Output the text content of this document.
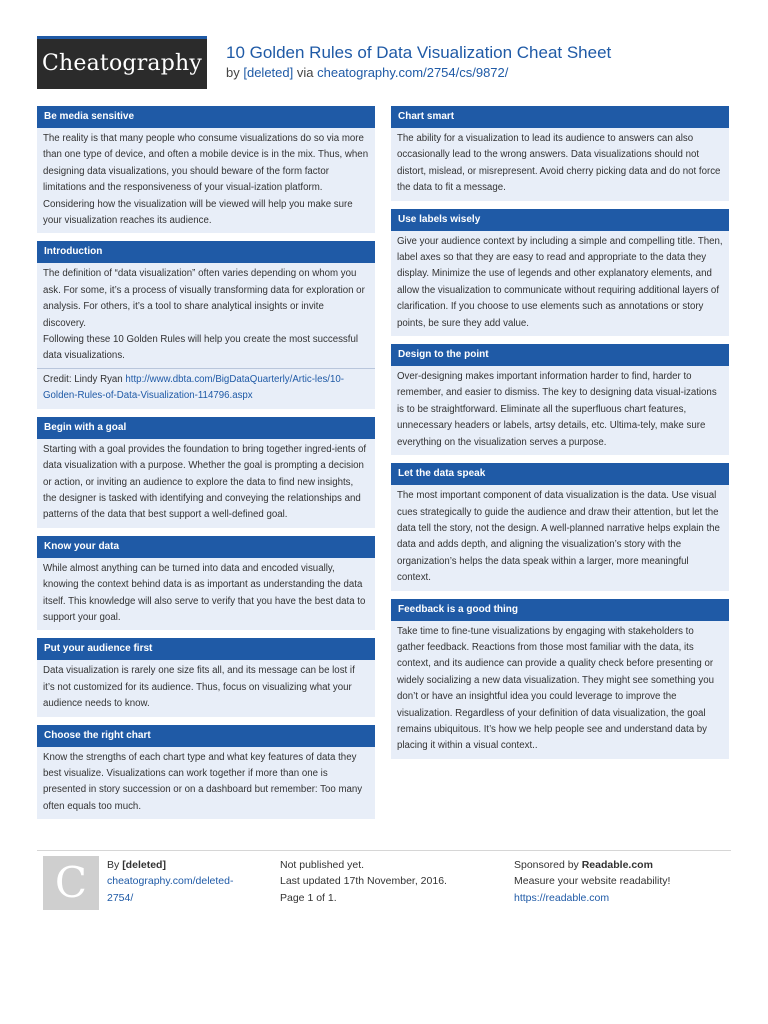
Cheatography 10 Golden Rules of Data Visualization Cheat Sheet
by [deleted] via cheatography.com/2754/cs/9872/
Be media sensitive

The reality is that many people who consume visualizations do so via more than one type of device, and often a mobile device is in the mix. Thus, when designing data visualizations, you should beware of the form factor limitations and the responsiveness of your visual-ization platform. Considering how the visualization will be viewed will help you make sure your visualization reaches its audience.

Introduction

The definition of “data visualization” often varies depending on whom you ask. For some, it’s a process of visually transforming data for exploration or analysis. For others, it’s a tool to share analytical insights or invite discovery.

Following these 10 Golden Rules will help you create the most successful data visualizations.

Credit: Lindy Ryan http://www.dbta.com/BigDataQuarterly/Artic-les/10-Golden-Rules-of-Data-Visualization-114796.aspx

Begin with a goal

Starting with a goal provides the foundation to bring together ingred-ients of data visualization with a purpose. Whether the goal is prompting a decision or action, or inviting an audience to explore the data to find new insights, the designer is tasked with identifying and conveying the relationships and patterns of the data that best support a well-defined goal.

Know your data

While almost anything can be turned into data and encoded visually, knowing the context behind data is as important as understanding the data itself. This knowledge will also serve to verify that you have the best data to support your goal.

Put your audience first

Data visualization is rarely one size fits all, and its message can be lost if it’s not customized for its audience. Thus, focus on visualizing what your audience needs to know.

Choose the right chart

Know the strengths of each chart type and what key features of data they best visualize. Visualizations can work together if more than one is presented in story succession or on a dashboard but remember: Too many often equals too much.

Chart smart

The ability for a visualization to lead its audience to answers can also occasionally lead to the wrong answers. Data visualizations should not distort, mislead, or misrepresent. Avoid cherry picking data and do not force the data to fit a message.

Use labels wisely

Give your audience context by including a simple and compelling title. Then, label axes so that they are easy to read and appropriate to the data they display. Minimize the use of legends and other explanatory elements, and allow the visualization to communicate without requiring additional layers of clarification. If you choose to use elements such as annotations or story points, be sure they add value.

Design to the point

Over-designing makes important information harder to find, harder to remember, and easier to dismiss. The key to designing data visual-izations is to be straightforward. Eliminate all the superfluous chart features, unnecessary headers or labels, artsy details, etc. Ultima-tely, make sure everything on the visualization serves a purpose.

Let the data speak

The most important component of data visualization is the data. Use visual cues strategically to guide the audience and draw their attention, but let the data tell the story, not the design. A well-planned narrative helps explain the data and adds depth, and aligning the visualization’s story with the organization’s helps the data speak within a larger, more meaningful context.

Feedback is a good thing

Take time to fine-tune visualizations by engaging with stakeholders to gather feedback. Reactions from those most familiar with the data, its context, and its audience can provide a quality check before presenting or widely socializing a new data visualization. They might see something you don’t or have an insightful idea you could leverage to improve the visualization. Regardless of your definition of data visualization, the goal remains ubiquitous. It’s how we help people see and understand data by placing it within a visual context..

C	By [deleted]
cheatography.com/deleted-2754/
Not published yet.
Last updated 17th November, 2016.
Page 1 of 1.
Sponsored by Readable.com
Measure your website readability!
https://readable.com
